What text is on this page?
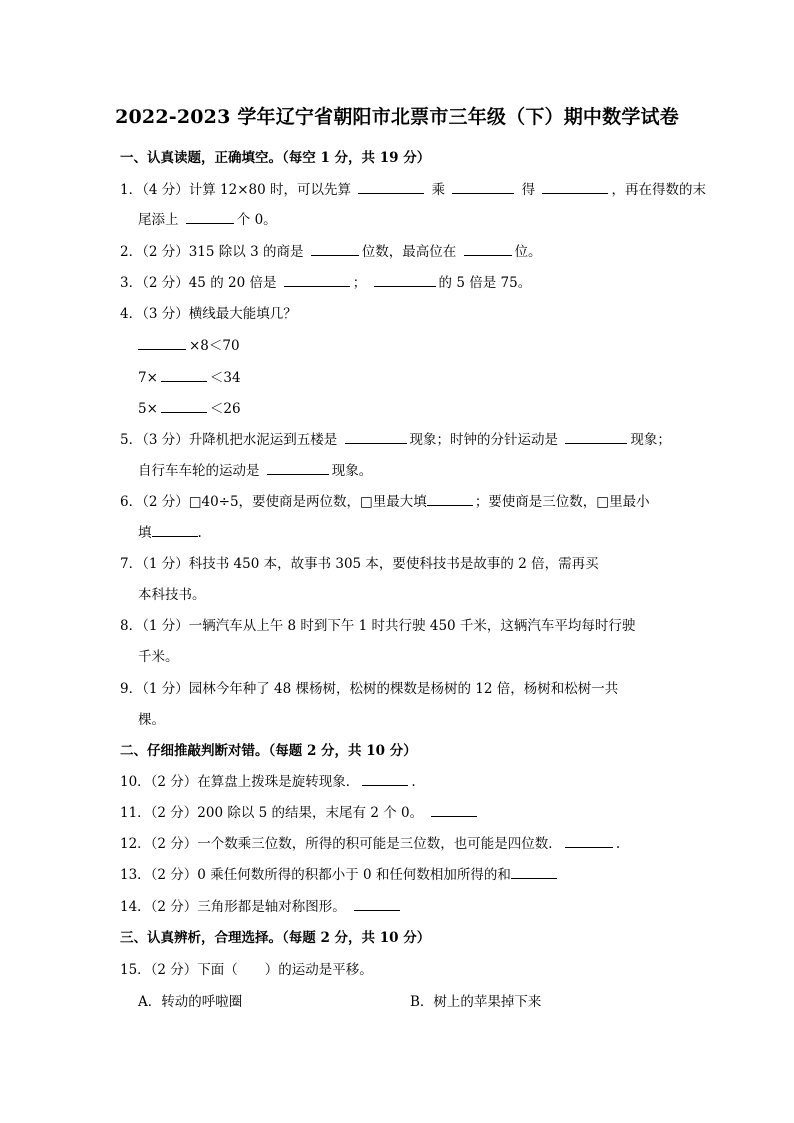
2022-2023 学年辽宁省朝阳市北票市三年级（下）期中数学试卷
一、认真读题，正确填空。（每空 1 分，共 19 分）
1．（4 分）计算 12×80 时，可以先算	乘	得	，再在得数的末
尾添上	个 0。
2．（2 分）315 除以 3 的商是	位数，最高位在	位。
3．（2 分）45 的 20 倍是	；	的 5 倍是 75。
4．（3 分）横线最大能填几？
×8＜70
7×	＜34
5×	＜26
5．（3 分）升降机把水泥运到五楼是	现象；时钟的分针运动是	现象；
自行车车轮的运动是	现象。
6．（2 分）□40÷5，要使商是两位数，□里最大填	；要使商是三位数，□里最小
填	.
7．（1 分）科技书 450 本，故事书 305 本，要使科技书是故事的 2 倍，需再买
本科技书。
8．（1 分）一辆汽车从上午 8 时到下午 1 时共行驶 450 千米，这辆汽车平均每时行驶
千米。
9．（1 分）园林今年种了 48 棵杨树，松树的棵数是杨树的 12 倍，杨树和松树一共
棵。
二、仔细推敲判断对错。（每题 2 分，共 10 分）
10．（2 分）在算盘上拨珠是旋转现象．	.
11．（2 分）200 除以 5 的结果，末尾有 2 个 0。
12．（2 分）一个数乘三位数，所得的积可能是三位数，也可能是四位数．	.
13．（2 分）0 乘任何数所得的积都小于 0 和任何数相加所得的和
14．（2 分）三角形都是轴对称图形。
三、认真辨析，合理选择。（每题 2 分，共 10 分）
15．（2 分）下面（　　）的运动是平移。
A．转动的呼啦圈	B．树上的苹果掉下来
